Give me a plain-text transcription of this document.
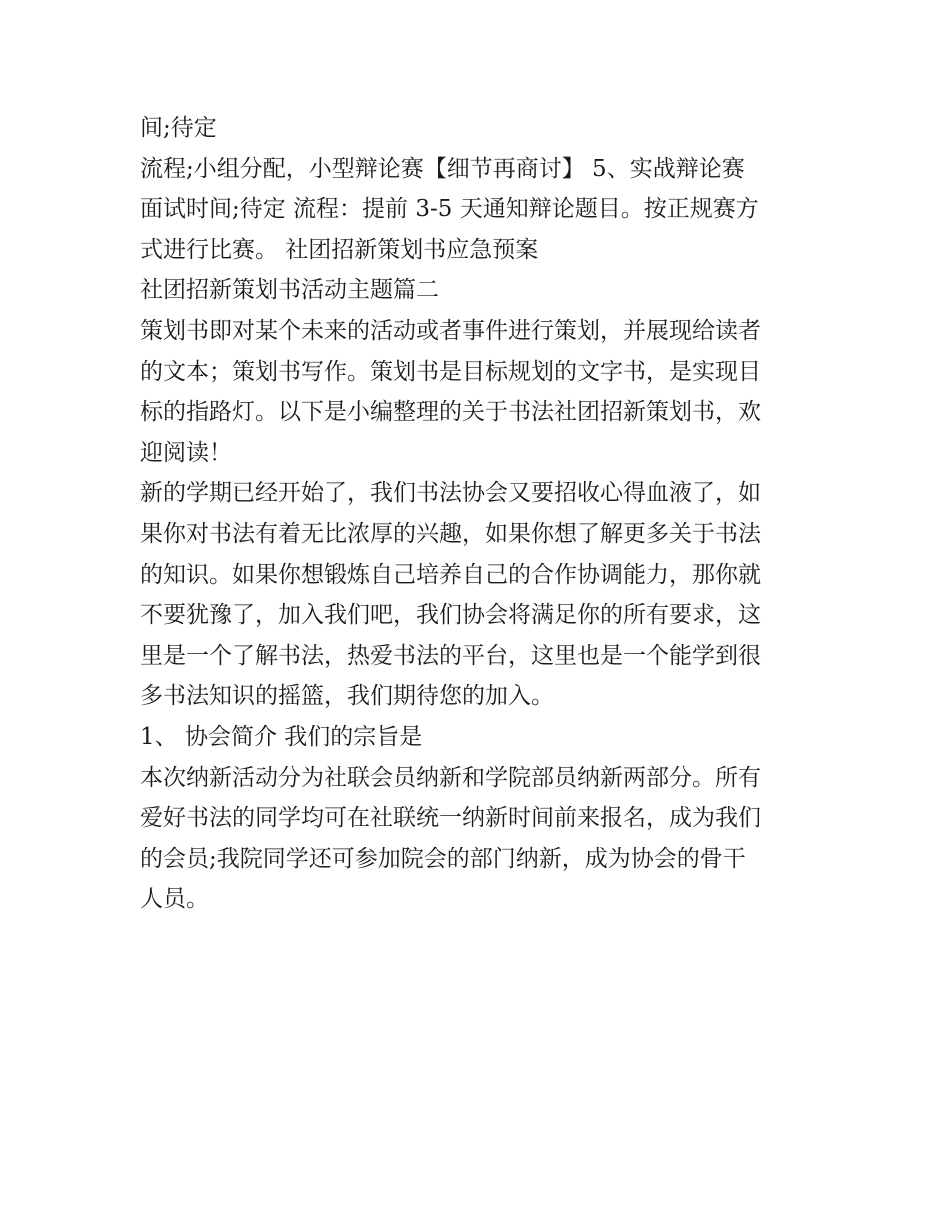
间;待定
流程;小组分配，小型辩论赛【细节再商讨】 5、实战辩论赛
面试时间;待定 流程：提前 3-5 天通知辩论题目。按正规赛方
式进行比赛。 社团招新策划书应急预案
社团招新策划书活动主题篇二
策划书即对某个未来的活动或者事件进行策划，并展现给读者
的文本；策划书写作。策划书是目标规划的文字书，是实现目
标的指路灯。以下是小编整理的关于书法社团招新策划书，欢
迎阅读！
新的学期已经开始了，我们书法协会又要招收心得血液了，如
果你对书法有着无比浓厚的兴趣，如果你想了解更多关于书法
的知识。如果你想锻炼自己培养自己的合作协调能力，那你就
不要犹豫了，加入我们吧，我们协会将满足你的所有要求，这
里是一个了解书法，热爱书法的平台，这里也是一个能学到很
多书法知识的摇篮，我们期待您的加入。
1、 协会简介 我们的宗旨是
本次纳新活动分为社联会员纳新和学院部员纳新两部分。所有
爱好书法的同学均可在社联统一纳新时间前来报名，成为我们
的会员;我院同学还可参加院会的部门纳新，成为协会的骨干
人员。
